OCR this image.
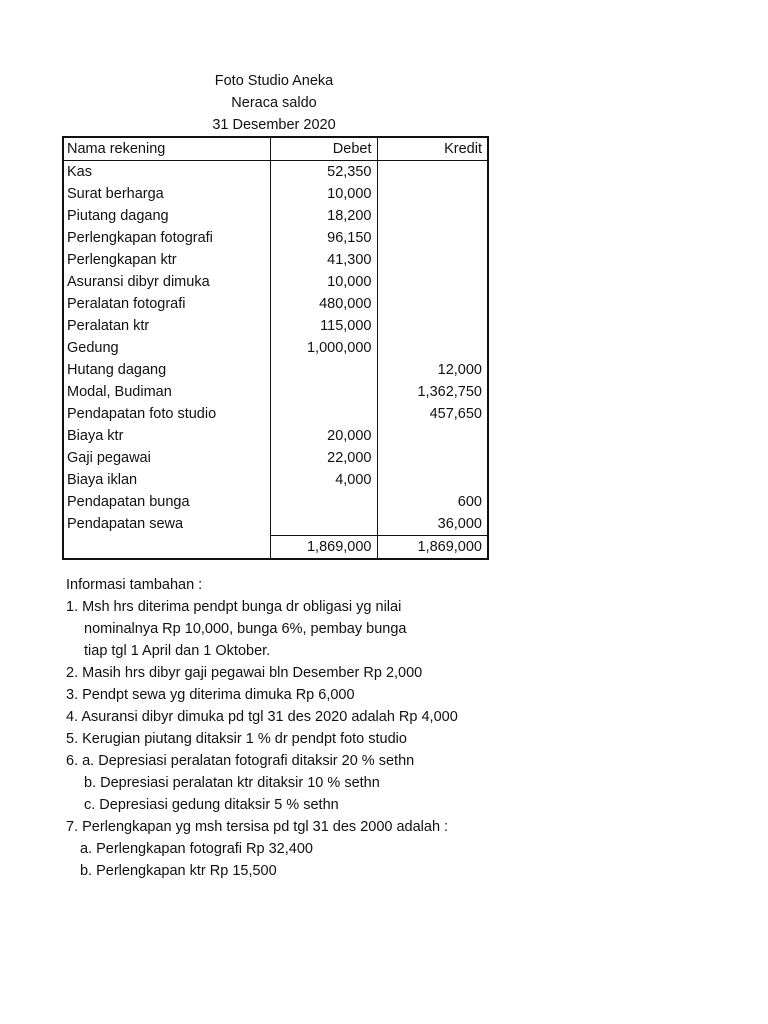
Foto Studio Aneka
Neraca saldo
31 Desember 2020
Nama rekening	Debet	Kredit
Kas	52,350	
Surat berharga	10,000	
Piutang dagang	18,200	
Perlengkapan fotografi	96,150	
Perlengkapan ktr	41,300	
Asuransi dibyr dimuka	10,000	
Peralatan fotografi	480,000	
Peralatan ktr	115,000	
Gedung	1,000,000	
Hutang dagang		12,000
Modal, Budiman		1,362,750
Pendapatan foto studio		457,650
Biaya ktr	20,000	
Gaji pegawai	22,000	
Biaya iklan	4,000	
Pendapatan bunga		600
Pendapatan sewa		36,000
	1,869,000	1,869,000
Informasi tambahan :
1. Msh hrs diterima pendpt bunga dr obligasi yg nilai
nominalnya Rp 10,000, bunga 6%, pembay bunga
tiap tgl 1 April dan 1 Oktober.
2. Masih hrs dibyr gaji pegawai bln Desember Rp 2,000
3. Pendpt sewa yg diterima dimuka Rp 6,000
4. Asuransi dibyr dimuka pd tgl 31 des 2020 adalah Rp 4,000
5. Kerugian piutang ditaksir 1 % dr pendpt foto studio
6. a. Depresiasi peralatan fotografi ditaksir 20 % sethn
b. Depresiasi peralatan ktr ditaksir 10 % sethn
c. Depresiasi gedung ditaksir 5 % sethn
7. Perlengkapan yg msh tersisa pd tgl 31 des 2000 adalah :
a. Perlengkapan fotografi Rp 32,400
b. Perlengkapan ktr Rp 15,500
